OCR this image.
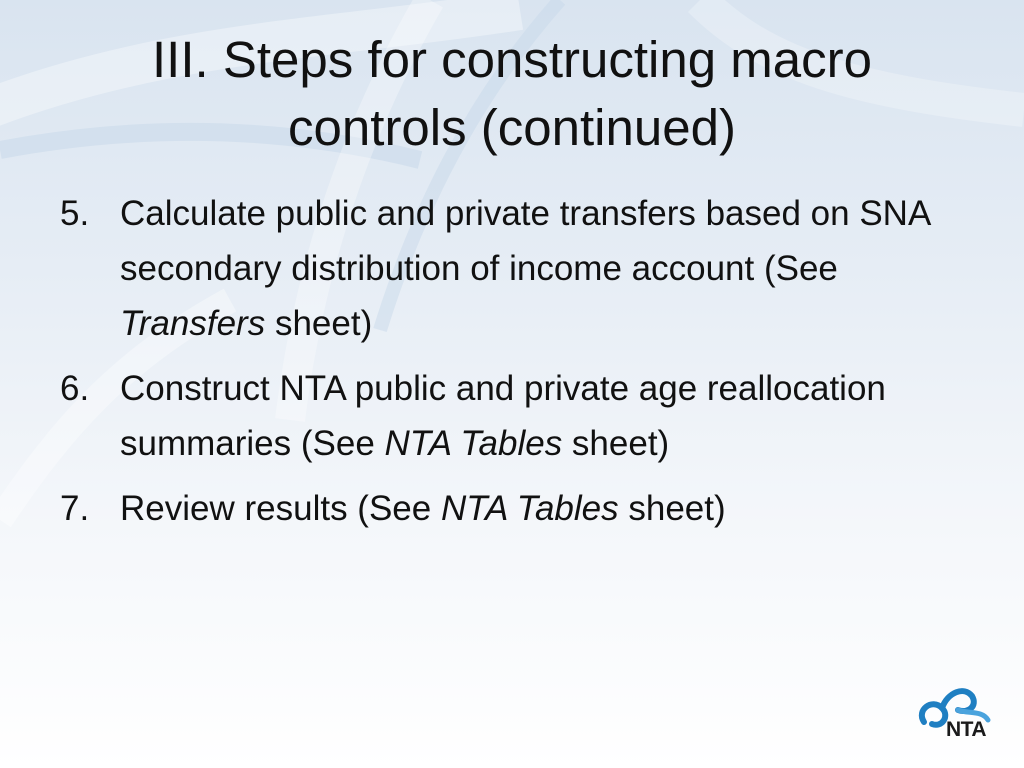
III. Steps for constructing macro controls (continued)
5. Calculate public and private transfers based on SNA secondary distribution of income account (See Transfers sheet)
6. Construct NTA public and private age reallocation summaries (See NTA Tables sheet)
7. Review results (See NTA Tables sheet)
NTA
